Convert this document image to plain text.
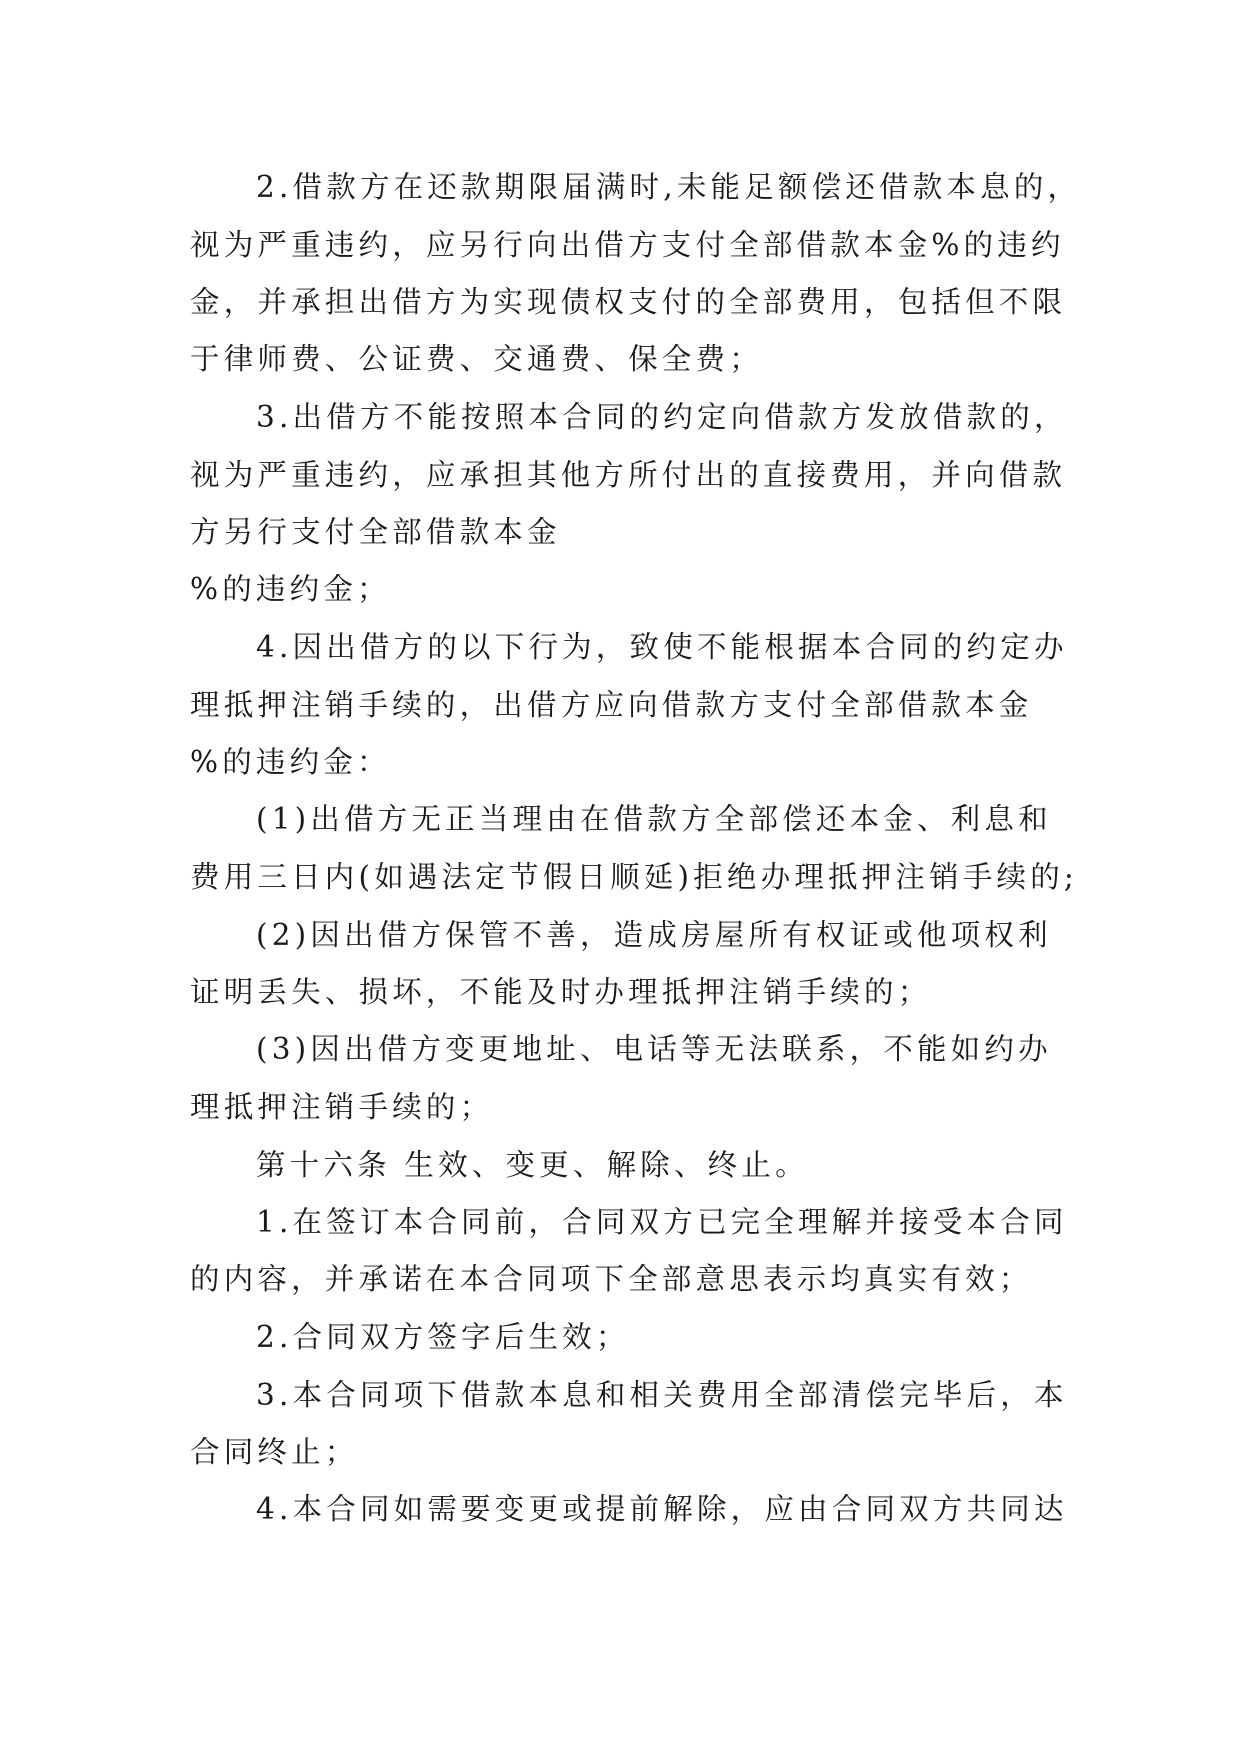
2.借款方在还款期限届满时,未能足额偿还借款本息的，
视为严重违约，应另行向出借方支付全部借款本金%的违约
金，并承担出借方为实现债权支付的全部费用，包括但不限
于律师费、公证费、交通费、保全费；
3.出借方不能按照本合同的约定向借款方发放借款的，
视为严重违约，应承担其他方所付出的直接费用，并向借款
方另行支付全部借款本金
%的违约金；
4.因出借方的以下行为，致使不能根据本合同的约定办
理抵押注销手续的，出借方应向借款方支付全部借款本金
%的违约金：
(1)出借方无正当理由在借款方全部偿还本金、利息和
费用三日内(如遇法定节假日顺延)拒绝办理抵押注销手续的;
(2)因出借方保管不善，造成房屋所有权证或他项权利
证明丢失、损坏，不能及时办理抵押注销手续的；
(3)因出借方变更地址、电话等无法联系，不能如约办
理抵押注销手续的；
第十六条 生效、变更、解除、终止。
1.在签订本合同前，合同双方已完全理解并接受本合同
的内容，并承诺在本合同项下全部意思表示均真实有效；
2.合同双方签字后生效；
3.本合同项下借款本息和相关费用全部清偿完毕后，本
合同终止；
4.本合同如需要变更或提前解除，应由合同双方共同达
